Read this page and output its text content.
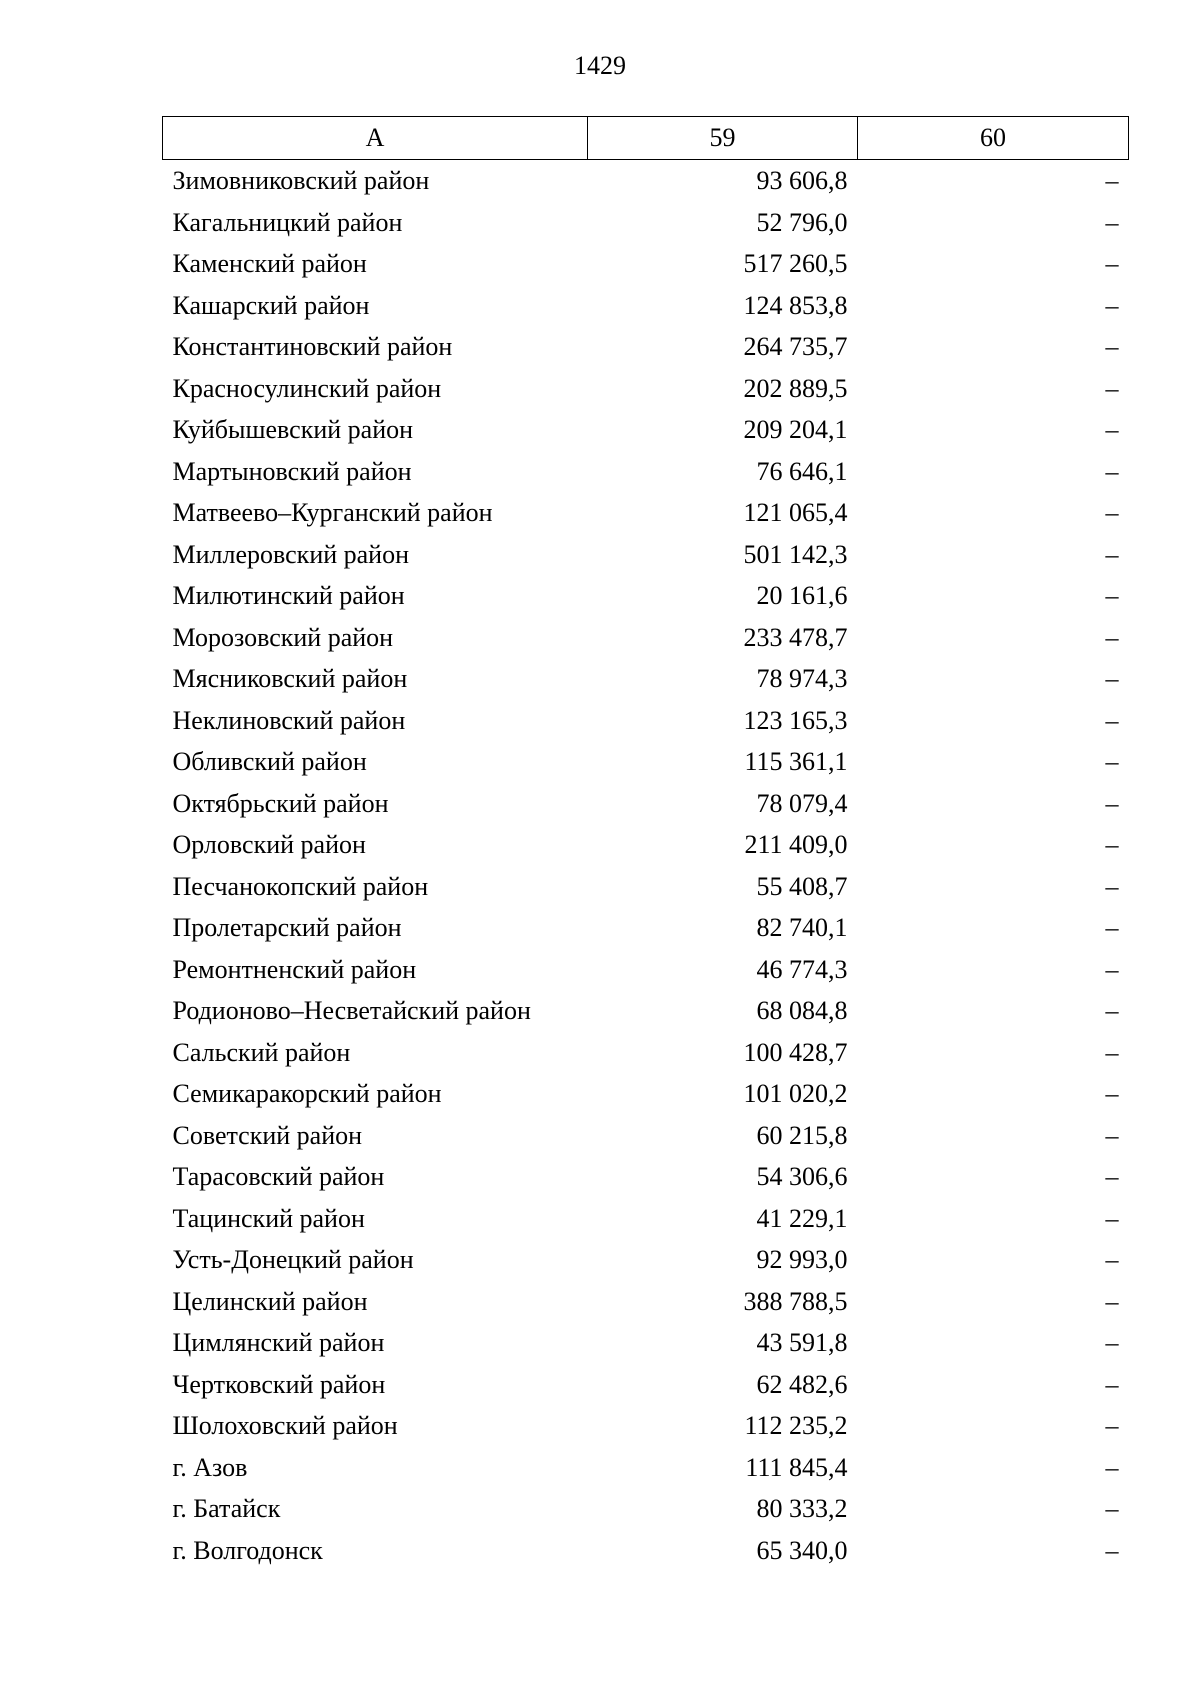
1429
А	59	60
Зимовниковский район	93 606,8	–
Кагальницкий район	52 796,0	–
Каменский район	517 260,5	–
Кашарский район	124 853,8	–
Константиновский район	264 735,7	–
Красносулинский район	202 889,5	–
Куйбышевский район	209 204,1	–
Мартыновский район	76 646,1	–
Матвеево–Курганский район	121 065,4	–
Миллеровский район	501 142,3	–
Милютинский район	20 161,6	–
Морозовский район	233 478,7	–
Мясниковский район	78 974,3	–
Неклиновский район	123 165,3	–
Обливский район	115 361,1	–
Октябрьский район	78 079,4	–
Орловский район	211 409,0	–
Песчанокопский район	55 408,7	–
Пролетарский район	82 740,1	–
Ремонтненский район	46 774,3	–
Родионово–Несветайский район	68 084,8	–
Сальский район	100 428,7	–
Семикаракорский район	101 020,2	–
Советский район	60 215,8	–
Тарасовский район	54 306,6	–
Тацинский район	41 229,1	–
Усть-Донецкий район	92 993,0	–
Целинский район	388 788,5	–
Цимлянский район	43 591,8	–
Чертковский район	62 482,6	–
Шолоховский район	112 235,2	–
г. Азов	111 845,4	–
г. Батайск	80 333,2	–
г. Волгодонск	65 340,0	–
